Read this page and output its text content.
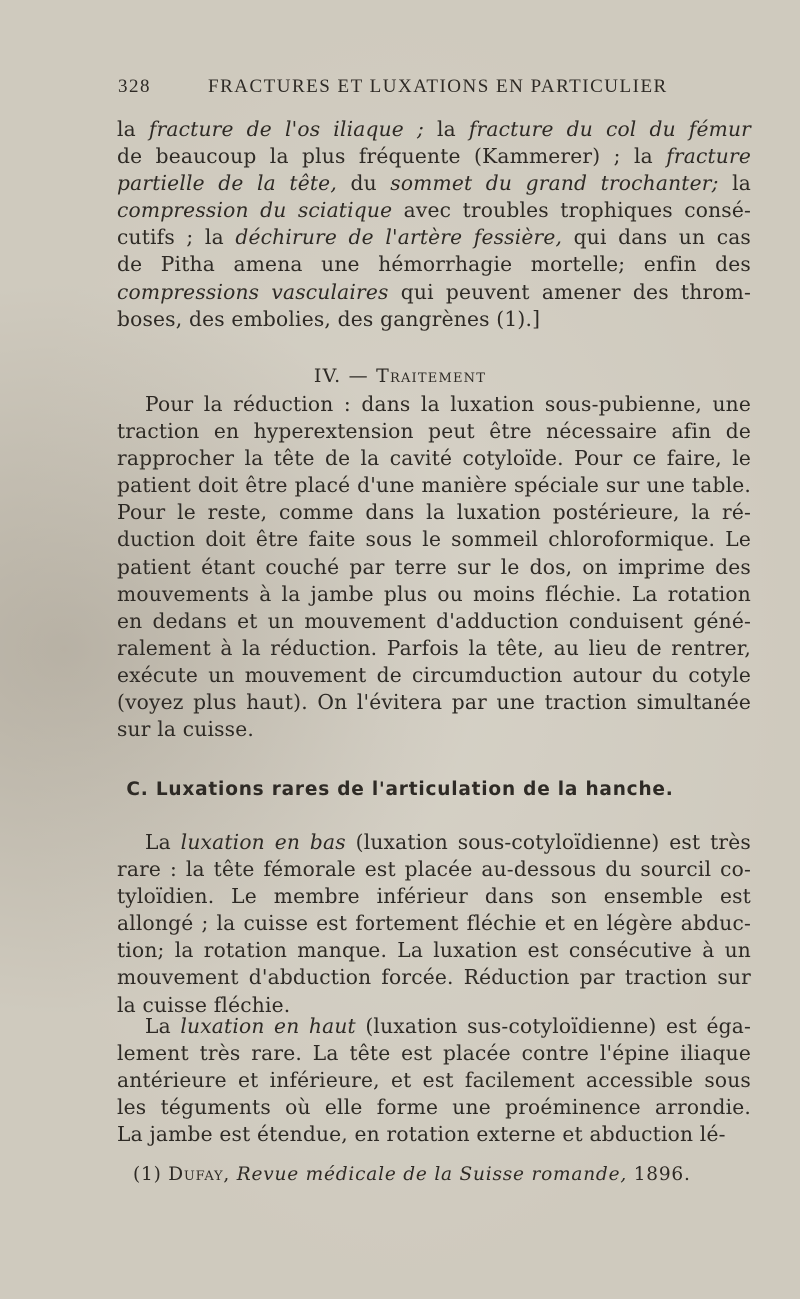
328	FRACTURES ET LUXATIONS EN PARTICULIER

la fracture de l'os iliaque ; la fracture du col du fémur
de beaucoup la plus fréquente (Kammerer) ; la fracture
partielle de la tête, du sommet du grand trochanter; la
compression du sciatique avec troubles trophiques consé-
cutifs ; la déchirure de l'artère fessière, qui dans un cas
de Pitha amena une hémorrhagie mortelle; enfin des
compressions vasculaires qui peuvent amener des throm-
boses, des embolies, des gangrènes (1).]

IV. — Traitement

Pour la réduction : dans la luxation sous-pubienne, une
traction en hyperextension peut être nécessaire afin de
rapprocher la tête de la cavité cotyloïde. Pour ce faire, le
patient doit être placé d'une manière spéciale sur une table.
Pour le reste, comme dans la luxation postérieure, la ré-
duction doit être faite sous le sommeil chloroformique. Le
patient étant couché par terre sur le dos, on imprime des
mouvements à la jambe plus ou moins fléchie. La rotation
en dedans et un mouvement d'adduction conduisent géné-
ralement à la réduction. Parfois la tête, au lieu de rentrer,
exécute un mouvement de circumduction autour du cotyle
(voyez plus haut). On l'évitera par une traction simultanée
sur la cuisse.

C. Luxations rares de l'articulation de la hanche.

La luxation en bas (luxation sous-cotyloïdienne) est très
rare : la tête fémorale est placée au-dessous du sourcil co-
tyloïdien. Le membre inférieur dans son ensemble est
allongé ; la cuisse est fortement fléchie et en légère abduc-
tion; la rotation manque. La luxation est consécutive à un
mouvement d'abduction forcée. Réduction par traction sur
la cuisse fléchie.

La luxation en haut (luxation sus-cotyloïdienne) est éga-
lement très rare. La tête est placée contre l'épine iliaque
antérieure et inférieure, et est facilement accessible sous
les téguments où elle forme une proéminence arrondie.
La jambe est étendue, en rotation externe et abduction lé-

(1) Dufay, Revue médicale de la Suisse romande, 1896.
